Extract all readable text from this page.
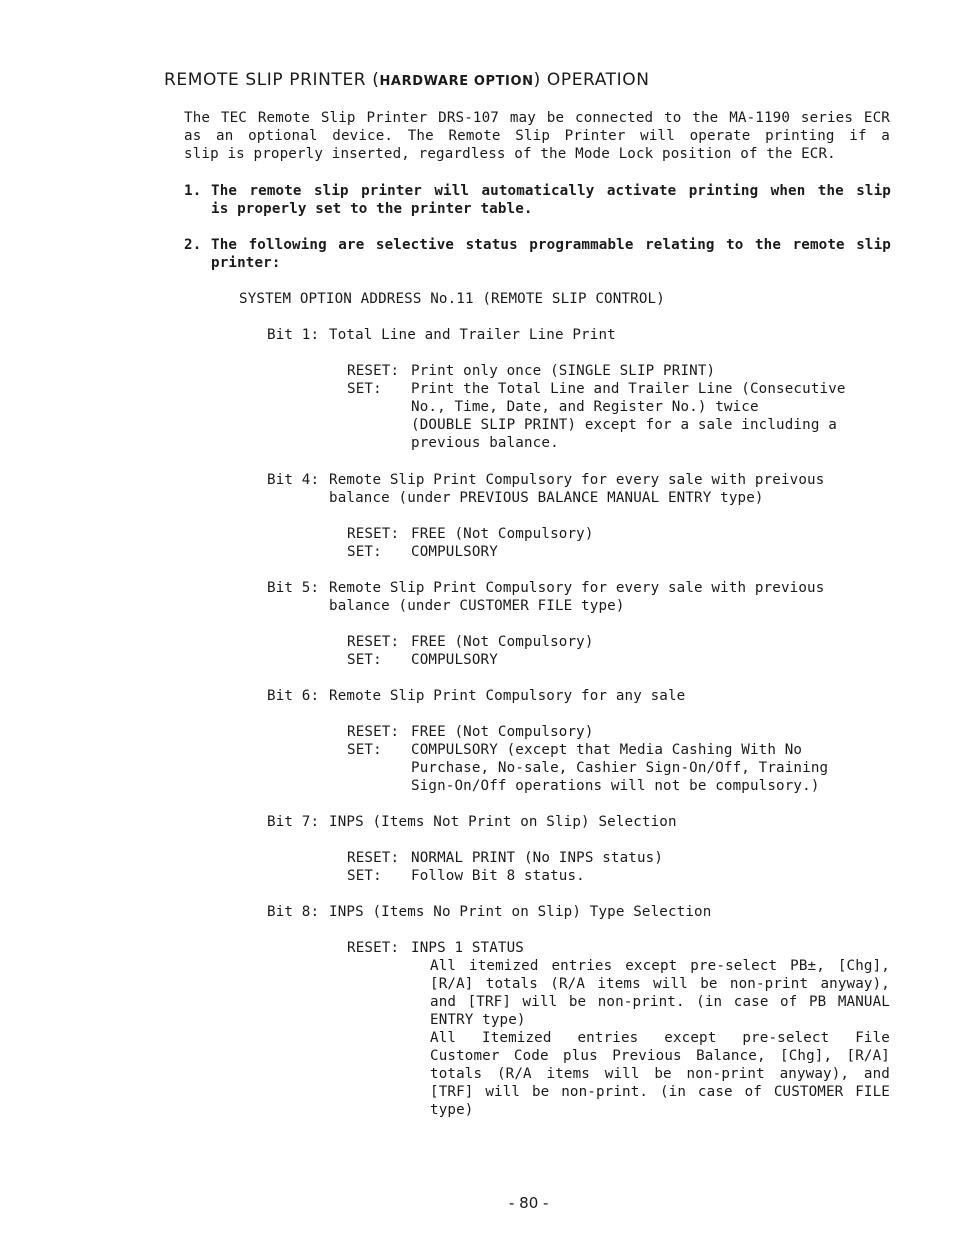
REMOTE SLIP PRINTER (HARDWARE OPTION) OPERATION
The TEC Remote Slip Printer DRS-107 may be connected to the MA-1190 series ECR
as an optional device. The Remote Slip Printer will operate printing if a
slip is properly inserted, regardless of the Mode Lock position of the ECR.
1. The remote slip printer will automatically activate printing when the slip
is properly set to the printer table.
2. The following are selective status programmable relating to the remote slip
printer:
SYSTEM OPTION ADDRESS No.11 (REMOTE SLIP CONTROL)
Bit 1: Total Line and Trailer Line Print
RESET: Print only once (SINGLE SLIP PRINT)
SET: Print the Total Line and Trailer Line (Consecutive
No., Time, Date, and Register No.) twice
(DOUBLE SLIP PRINT) except for a sale including a
previous balance.
Bit 4: Remote Slip Print Compulsory for every sale with preivous
balance (under PREVIOUS BALANCE MANUAL ENTRY type)
RESET: FREE (Not Compulsory)
SET: COMPULSORY
Bit 5: Remote Slip Print Compulsory for every sale with previous
balance (under CUSTOMER FILE type)
RESET: FREE (Not Compulsory)
SET: COMPULSORY
Bit 6: Remote Slip Print Compulsory for any sale
RESET: FREE (Not Compulsory)
SET: COMPULSORY (except that Media Cashing With No
Purchase, No-sale, Cashier Sign-On/Off, Training
Sign-On/Off operations will not be compulsory.)
Bit 7: INPS (Items Not Print on Slip) Selection
RESET: NORMAL PRINT (No INPS status)
SET: Follow Bit 8 status.
Bit 8: INPS (Items No Print on Slip) Type Selection
RESET: INPS 1 STATUS
All itemized entries except pre-select PB±, [Chg],
[R/A] totals (R/A items will be non-print anyway),
and [TRF] will be non-print. (in case of PB MANUAL
ENTRY type)
All Itemized entries except pre-select File
Customer Code plus Previous Balance, [Chg], [R/A]
totals (R/A items will be non-print anyway), and
[TRF] will be non-print. (in case of CUSTOMER FILE
type)
- 80 -
